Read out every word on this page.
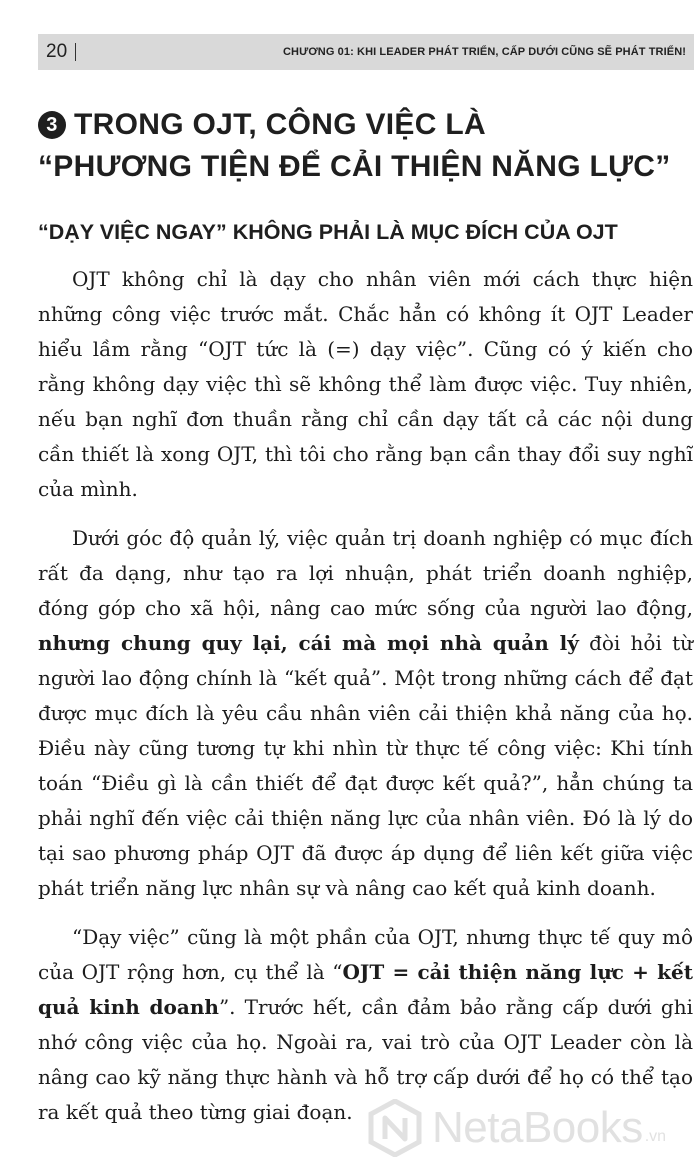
20	CHƯƠNG 01: KHI LEADER PHÁT TRIỂN, CẤP DƯỚI CŨNG SẼ PHÁT TRIỂN!
3 TRONG OJT, CÔNG VIỆC LÀ
“PHƯƠNG TIỆN ĐỂ CẢI THIỆN NĂNG LỰC”
“DẠY VIỆC NGAY” KHÔNG PHẢI LÀ MỤC ĐÍCH CỦA OJT

OJT không chỉ là dạy cho nhân viên mới cách thực hiện những công việc trước mắt. Chắc hẳn có không ít OJT Leader hiểu lầm rằng “OJT tức là (=) dạy việc”. Cũng có ý kiến cho rằng không dạy việc thì sẽ không thể làm được việc. Tuy nhiên, nếu bạn nghĩ đơn thuần rằng chỉ cần dạy tất cả các nội dung cần thiết là xong OJT, thì tôi cho rằng bạn cần thay đổi suy nghĩ của mình.

Dưới góc độ quản lý, việc quản trị doanh nghiệp có mục đích rất đa dạng, như tạo ra lợi nhuận, phát triển doanh nghiệp, đóng góp cho xã hội, nâng cao mức sống của người lao động, nhưng chung quy lại, cái mà mọi nhà quản lý đòi hỏi từ người lao động chính là “kết quả”. Một trong những cách để đạt được mục đích là yêu cầu nhân viên cải thiện khả năng của họ. Điều này cũng tương tự khi nhìn từ thực tế công việc: Khi tính toán “Điều gì là cần thiết để đạt được kết quả?”, hẳn chúng ta phải nghĩ đến việc cải thiện năng lực của nhân viên. Đó là lý do tại sao phương pháp OJT đã được áp dụng để liên kết giữa việc phát triển năng lực nhân sự và nâng cao kết quả kinh doanh.

“Dạy việc” cũng là một phần của OJT, nhưng thực tế quy mô của OJT rộng hơn, cụ thể là “OJT = cải thiện năng lực + kết quả kinh doanh”. Trước hết, cần đảm bảo rằng cấp dưới ghi nhớ công việc của họ. Ngoài ra, vai trò của OJT Leader còn là nâng cao kỹ năng thực hành và hỗ trợ cấp dưới để họ có thể tạo ra kết quả theo từng giai đoạn.	NetaBooks .vn
